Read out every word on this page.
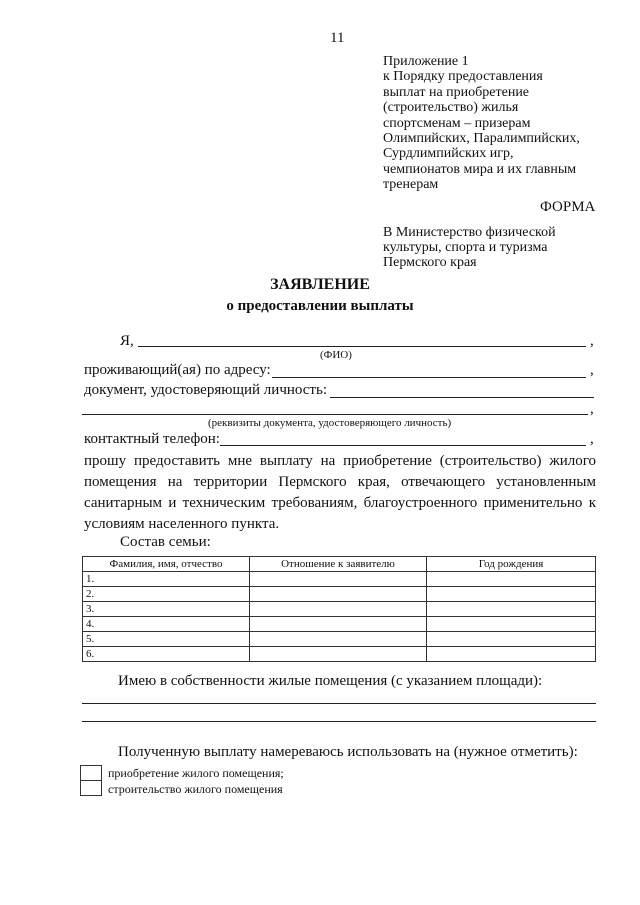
11
Приложение 1
к Порядку предоставления
выплат на приобретение
(строительство) жилья
спортсменам – призерам
Олимпийских, Паралимпийских,
Сурдлимпийских игр,
чемпионатов мира и их главным
тренерам
ФОРМА
В Министерство физической
культуры, спорта и туризма
Пермского края
ЗАЯВЛЕНИЕ
о предоставлении выплаты
Я,	,
(ФИО)
проживающий(ая) по адресу:	,
документ, удостоверяющий личность:
,
(реквизиты документа, удостоверяющего личность)
контактный телефон:	,
прошу предоставить мне выплату на приобретение (строительство) жилого помещения на территории Пермского края, отвечающего установленным санитарным и техническим требованиям, благоустроенного применительно к условиям населенного пункта.
Состав семьи:
Фамилия, имя, отчество	Отношение к заявителю	Год рождения
1.		
2.		
3.		
4.		
5.		
6.		
Имею в собственности жилые помещения (с указанием площади):
Полученную выплату намереваюсь использовать на (нужное отметить):
приобретение жилого помещения;
строительство жилого помещения
